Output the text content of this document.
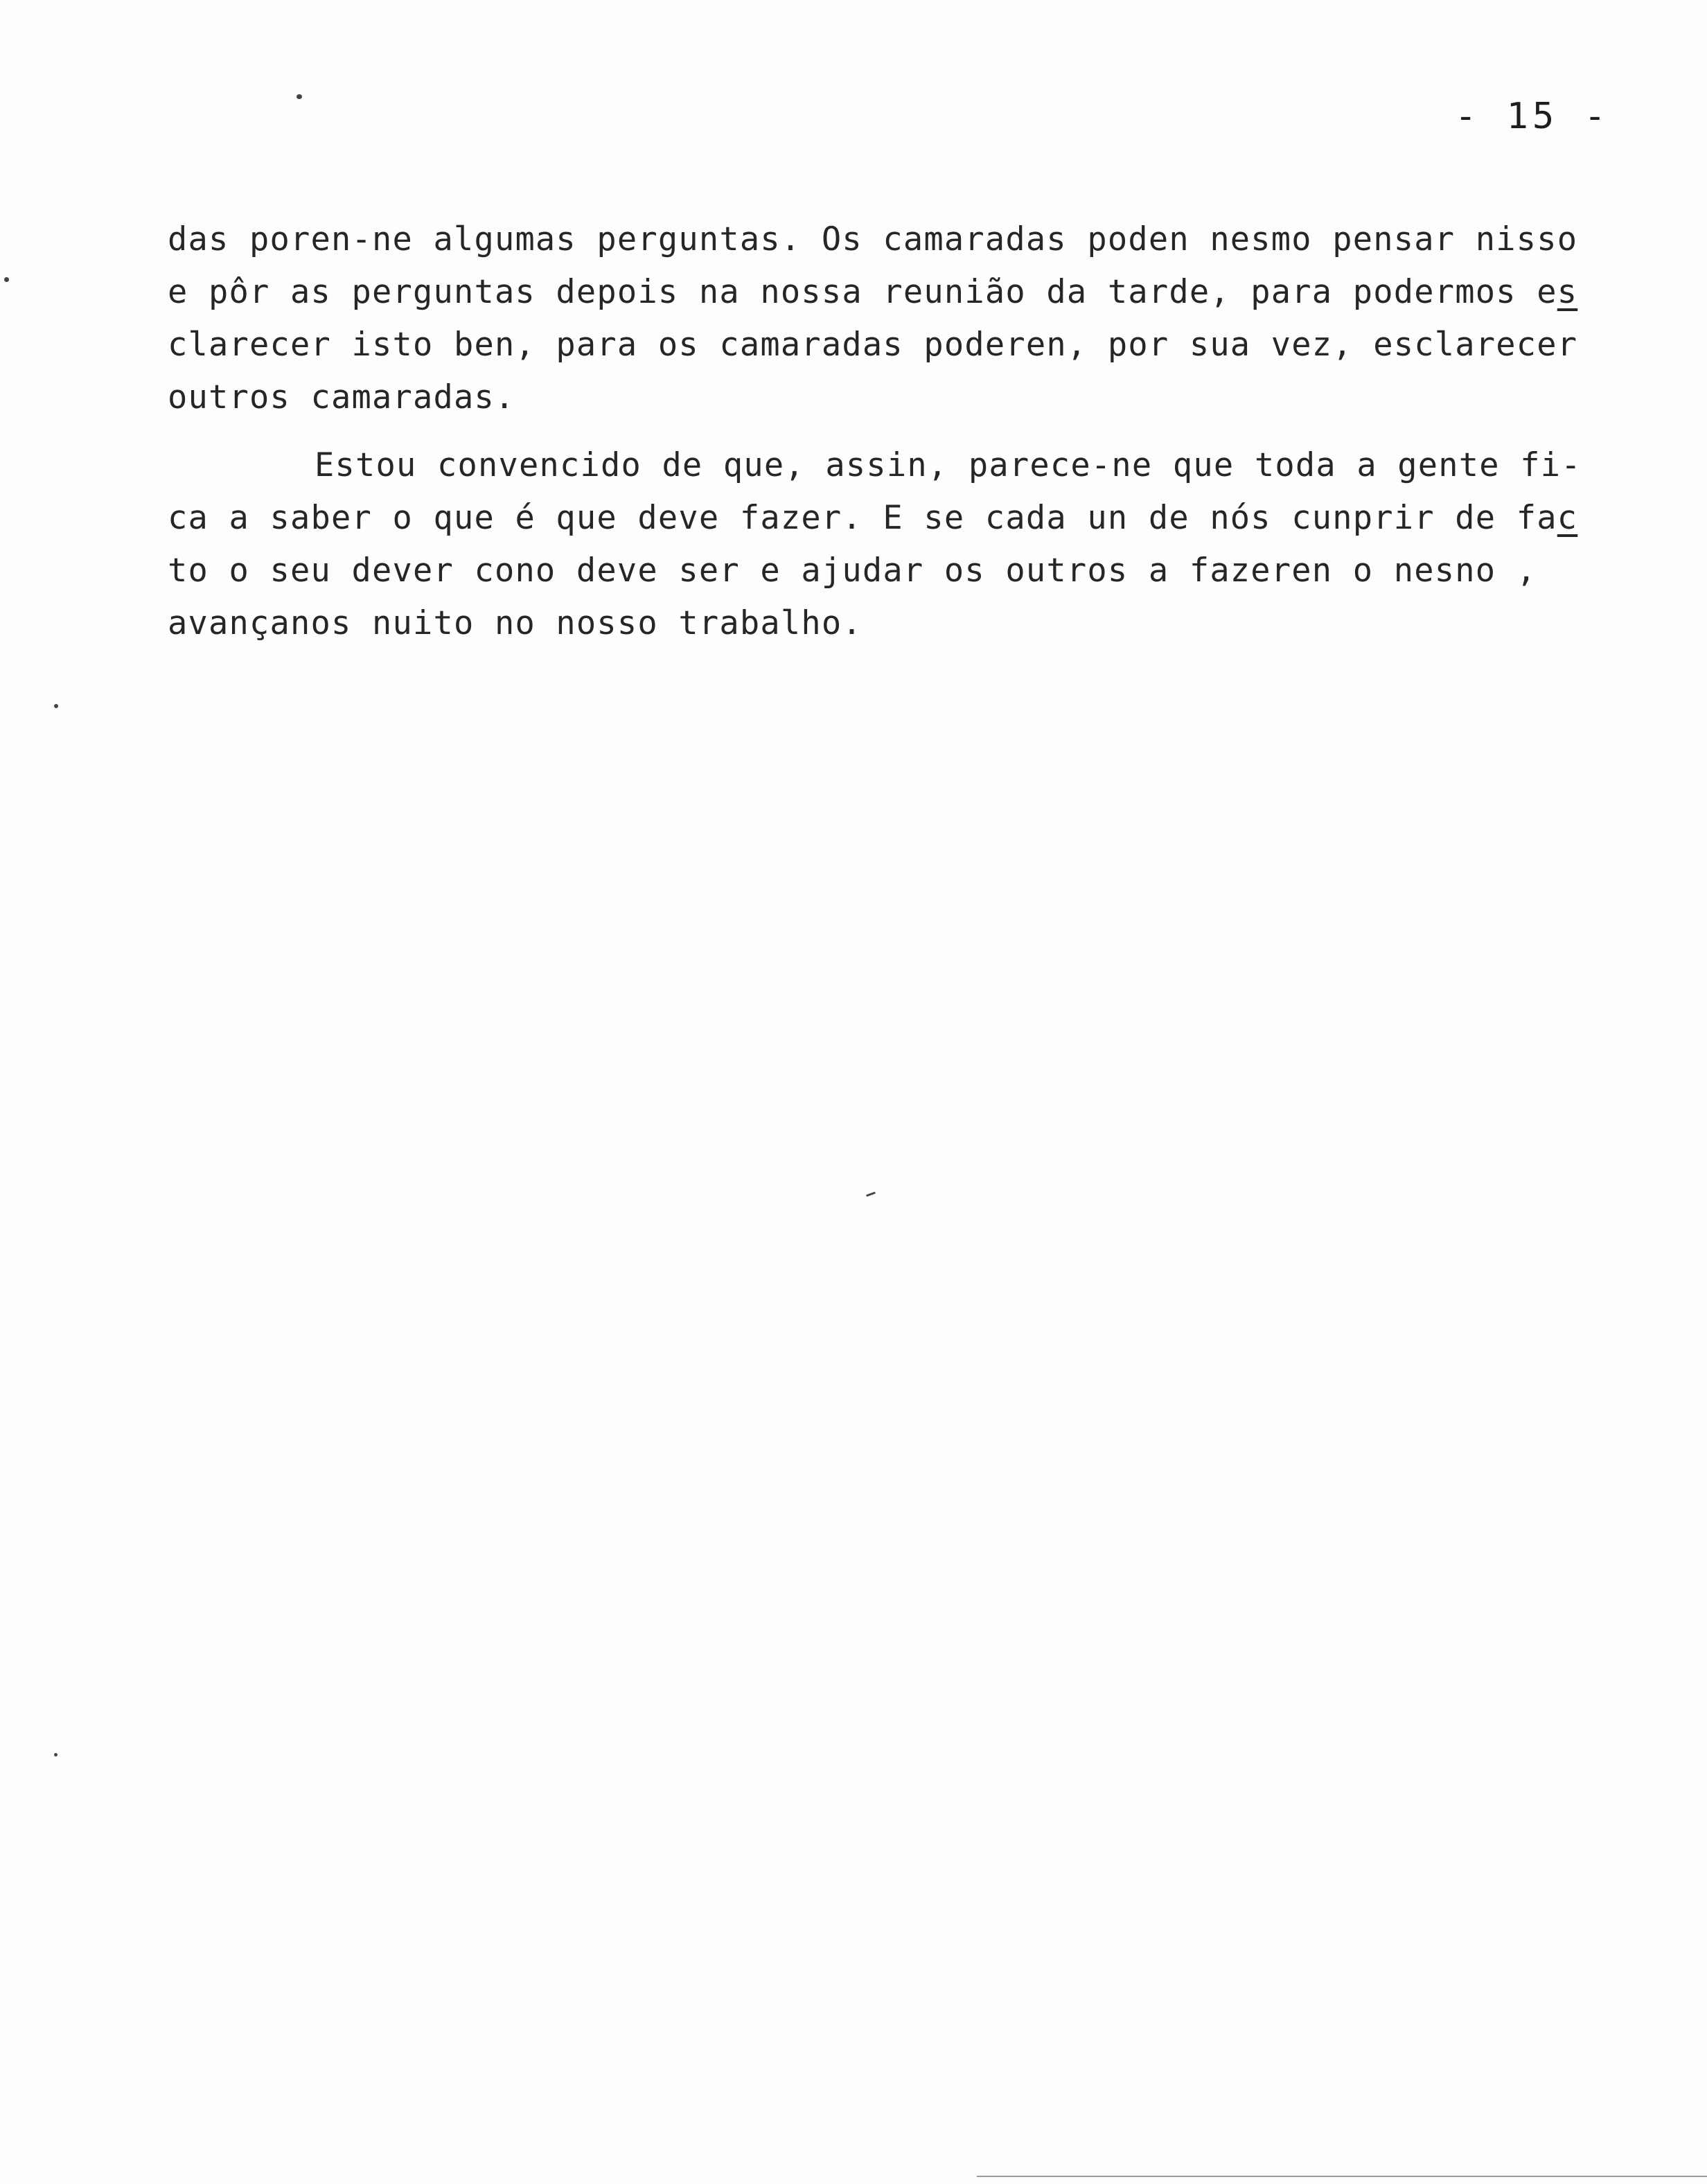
- 15 -
das poren-ne algumas perguntas. Os camaradas poden nesmo pensar nisso
e pôr as perguntas depois na nossa reunião da tarde, para podermos es
clarecer isto ben, para os camaradas poderen, por sua vez, esclarecer
outros camaradas.
Estou convencido de que, assin, parece-ne que toda a gente fi-
ca a saber o que é que deve fazer. E se cada un de nós cunprir de fac
to o seu dever cono deve ser e ajudar os outros a fazeren o nesno ,
avançanos nuito no nosso trabalho.
